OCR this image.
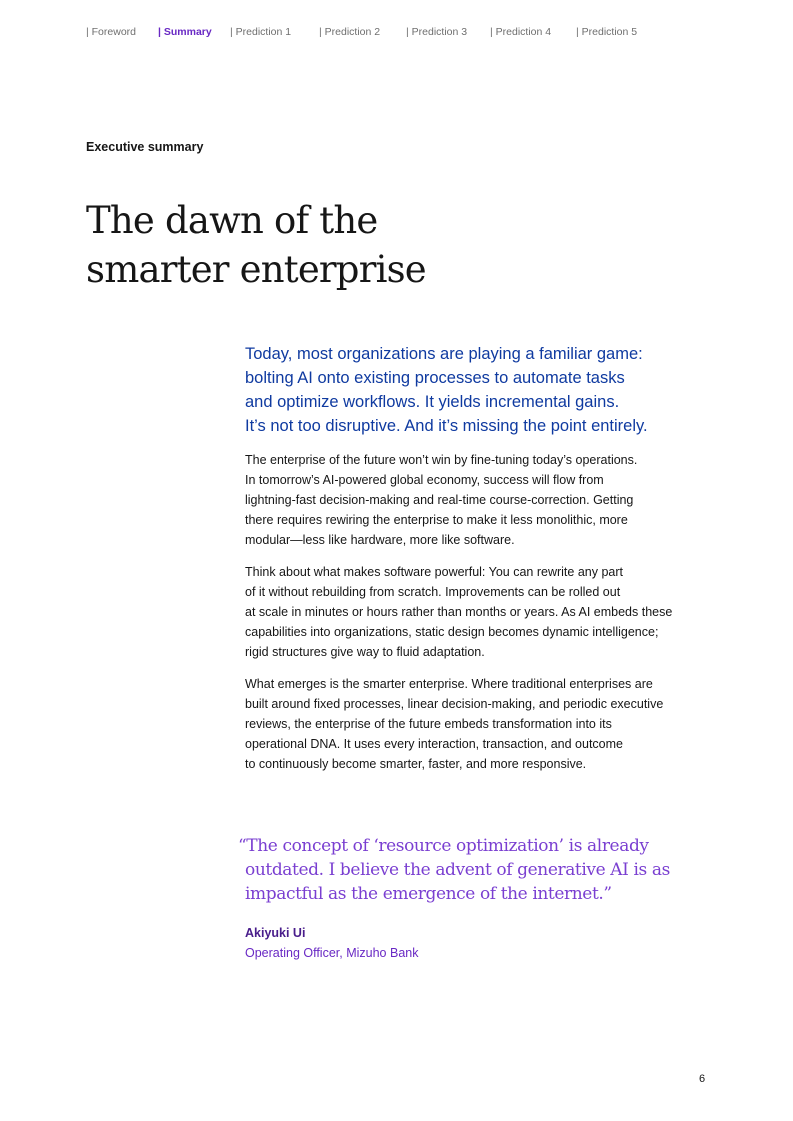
| Foreword | Summary | Prediction 1	| Prediction 2 | Prediction 3 | Prediction 4 | Prediction 5
Executive summary
The dawn of the
smarter enterprise
Today, most organizations are playing a familiar game:
bolting AI onto existing processes to automate tasks
and optimize workflows. It yields incremental gains.
It’s not too disruptive. And it’s missing the point entirely.
The enterprise of the future won’t win by fine-tuning today’s operations.
In tomorrow’s AI-powered global economy, success will flow from
lightning-fast decision-making and real-time course-correction. Getting
there requires rewiring the enterprise to make it less monolithic, more
modular—less like hardware, more like software.
Think about what makes software powerful: You can rewrite any part
of it without rebuilding from scratch. Improvements can be rolled out
at scale in minutes or hours rather than months or years. As AI embeds these
capabilities into organizations, static design becomes dynamic intelligence;
rigid structures give way to fluid adaptation.
What emerges is the smarter enterprise. Where traditional enterprises are
built around fixed processes, linear decision-making, and periodic executive
reviews, the enterprise of the future embeds transformation into its
operational DNA. It uses every interaction, transaction, and outcome
to continuously become smarter, faster, and more responsive.
“The concept of ‘resource optimization’ is already
outdated. I believe the advent of generative AI is as
impactful as the emergence of the internet.”
Akiyuki Ui
Operating Officer, Mizuho Bank
6
